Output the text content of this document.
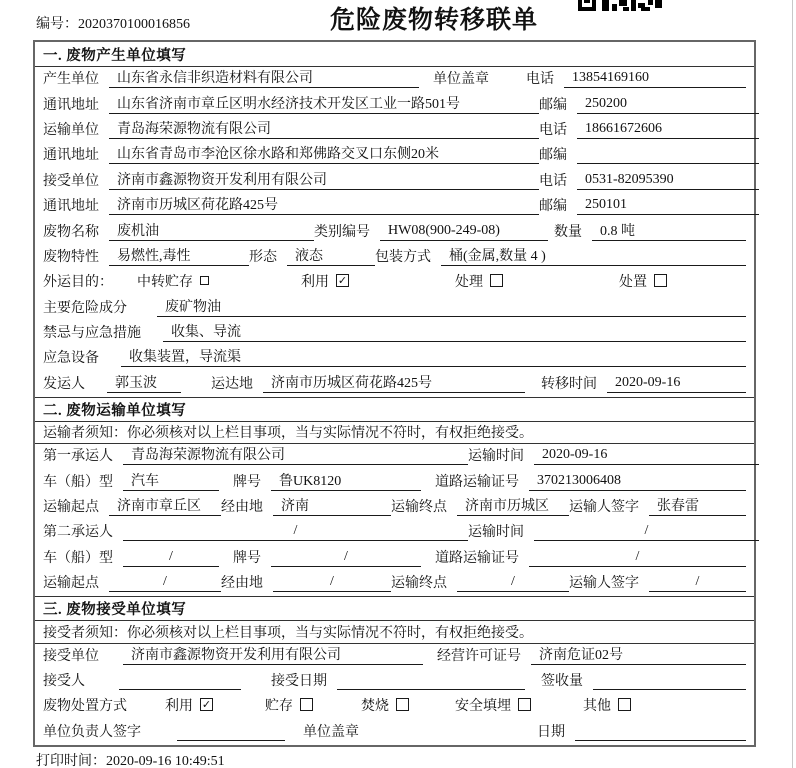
编号：2020370100016856	危险废物转移联单
一. 废物产生单位填写
产生单位	山东省永信非织造材料有限公司	单位盖章	电话	13854169160
通讯地址	山东省济南市章丘区明水经济技术开发区工业一路501号	邮编	250200
运输单位	青岛海荣源物流有限公司	电话	18661672606
通讯地址	山东省青岛市李沧区徐水路和郑佛路交叉口东侧20米	邮编
接受单位	济南市鑫源物资开发利用有限公司	电话	0531-82095390
通讯地址	济南市历城区荷花路425号	邮编	250101
废物名称	废机油	类别编号	HW08(900-249-08)	数量	0.8 吨
废物特性	易燃性,毒性	形态	液态	包装方式	桶(金属,数量 4 )
外运目的： 中转贮存	利用 ✓	处理	处置
主要危险成分	废矿物油
禁忌与应急措施	收集、导流
应急设备	收集装置，导流渠
发运人	郭玉波	运达地	济南市历城区荷花路425号	转移时间	2020-09-16
二. 废物运输单位填写
运输者须知： 你必须核对以上栏目事项，当与实际情况不符时，有权拒绝接受。
第一承运人	青岛海荣源物流有限公司	运输时间	2020-09-16
车（船）型	汽车	牌号	鲁UK8120	道路运输证号	370213006408
运输起点	济南市章丘区	经由地	济南	运输终点	济南市历城区	运输人签字	张春雷
第二承运人	/	运输时间	/
车（船）型	/	牌号	/	道路运输证号	/
运输起点	/	经由地	/	运输终点	/	运输人签字	/
三. 废物接受单位填写
接受者须知： 你必须核对以上栏目事项，当与实际情况不符时，有权拒绝接受。
接受单位	济南市鑫源物资开发利用有限公司	经营许可证号	济南危证02号
接受人	接受日期	签收量
废物处置方式	利用 ✓	贮存	焚烧	安全填埋	其他
单位负责人签字	单位盖章	日期
打印时间：2020-09-16 10:49:51
